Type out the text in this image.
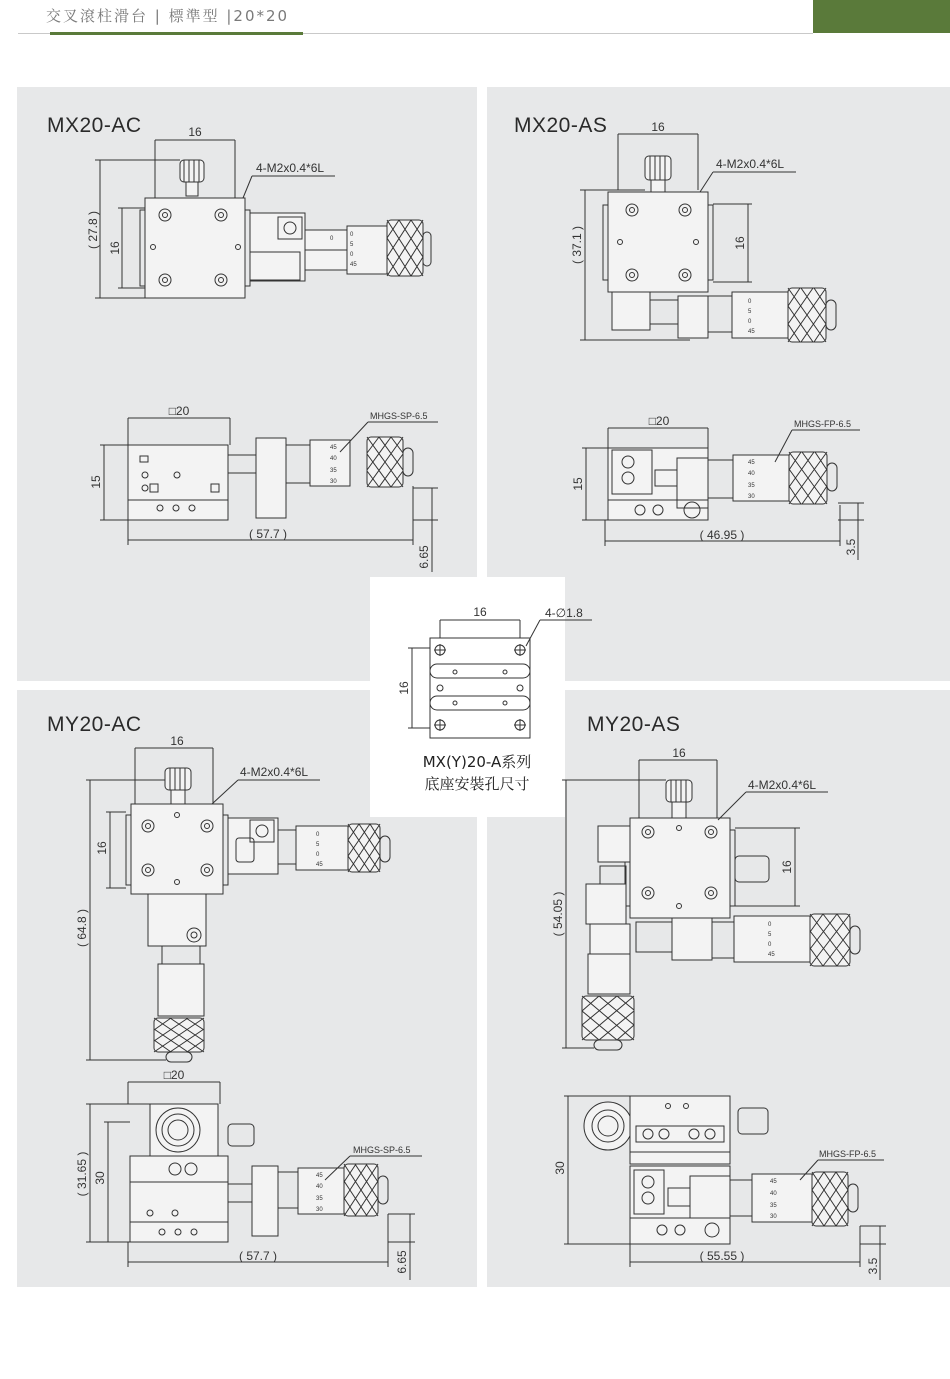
交叉滾柱滑台 | 標準型 |20*20
MX20-AC	MX20-AS
MY20-AC	MY20-AS
16
4-M2x0.4*6L
0
0
5
0
45
( 27.8 ) 16
□20
45
40
35
30
MHGS-SP-6.5
15
( 57.7 )
6.65
16
4-M2x0.4*6L
0
5
0
45
( 37.1 )	16
□20
45
40
35
30
MHGS-FP-6.5
15
( 46.95 )
3.5
16	4-∅1.8
16
16
4-M2x0.4*6L
0
5
0
45
( 64.8 )
16
□20
45
40
35
30
MHGS-SP-6.5
( 31.65 ) 30
( 57.7 )	6.65
16
4-M2x0.4*6L
0
5
0
45
( 54.05 )
16
45
40
35
30
MHGS-FP-6.5
30
( 55.55 )
3.5
MX(Y)20-A系列
底座安裝孔尺寸
